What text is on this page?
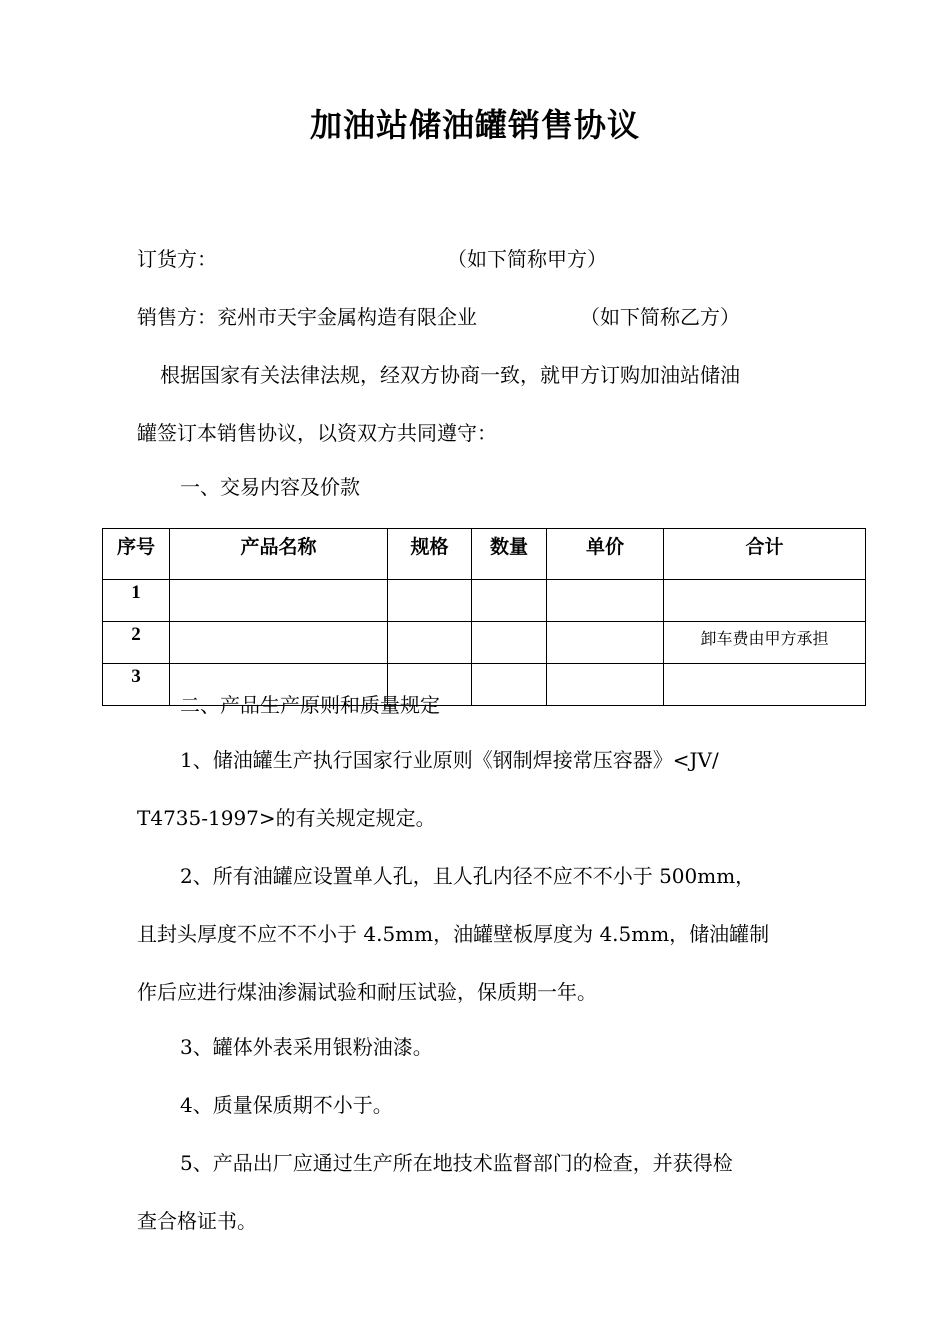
加油站储油罐销售协议
订货方：	（如下简称甲方）
销售方：兖州市天宇金属构造有限企业	（如下简称乙方）
根据国家有关法律法规，经双方协商一致，就甲方订购加油站储油
罐签订本销售协议，以资双方共同遵守：
一、交易内容及价款
序号	产品名称	规格	数量	单价	合计
1					
2					卸车费由甲方承担
3					
二、产品生产原则和质量规定
1、储油罐生产执行国家行业原则《钢制焊接常压容器》<JV/
T4735-1997>的有关规定规定。
2、所有油罐应设置单人孔，且人孔内径不应不不小于 500mm，
且封头厚度不应不不小于 4.5mm，油罐壁板厚度为 4.5mm，储油罐制
作后应进行煤油渗漏试验和耐压试验，保质期一年。
3、罐体外表采用银粉油漆。
4、质量保质期不小于。
5、产品出厂应通过生产所在地技术监督部门的检查，并获得检
查合格证书。
